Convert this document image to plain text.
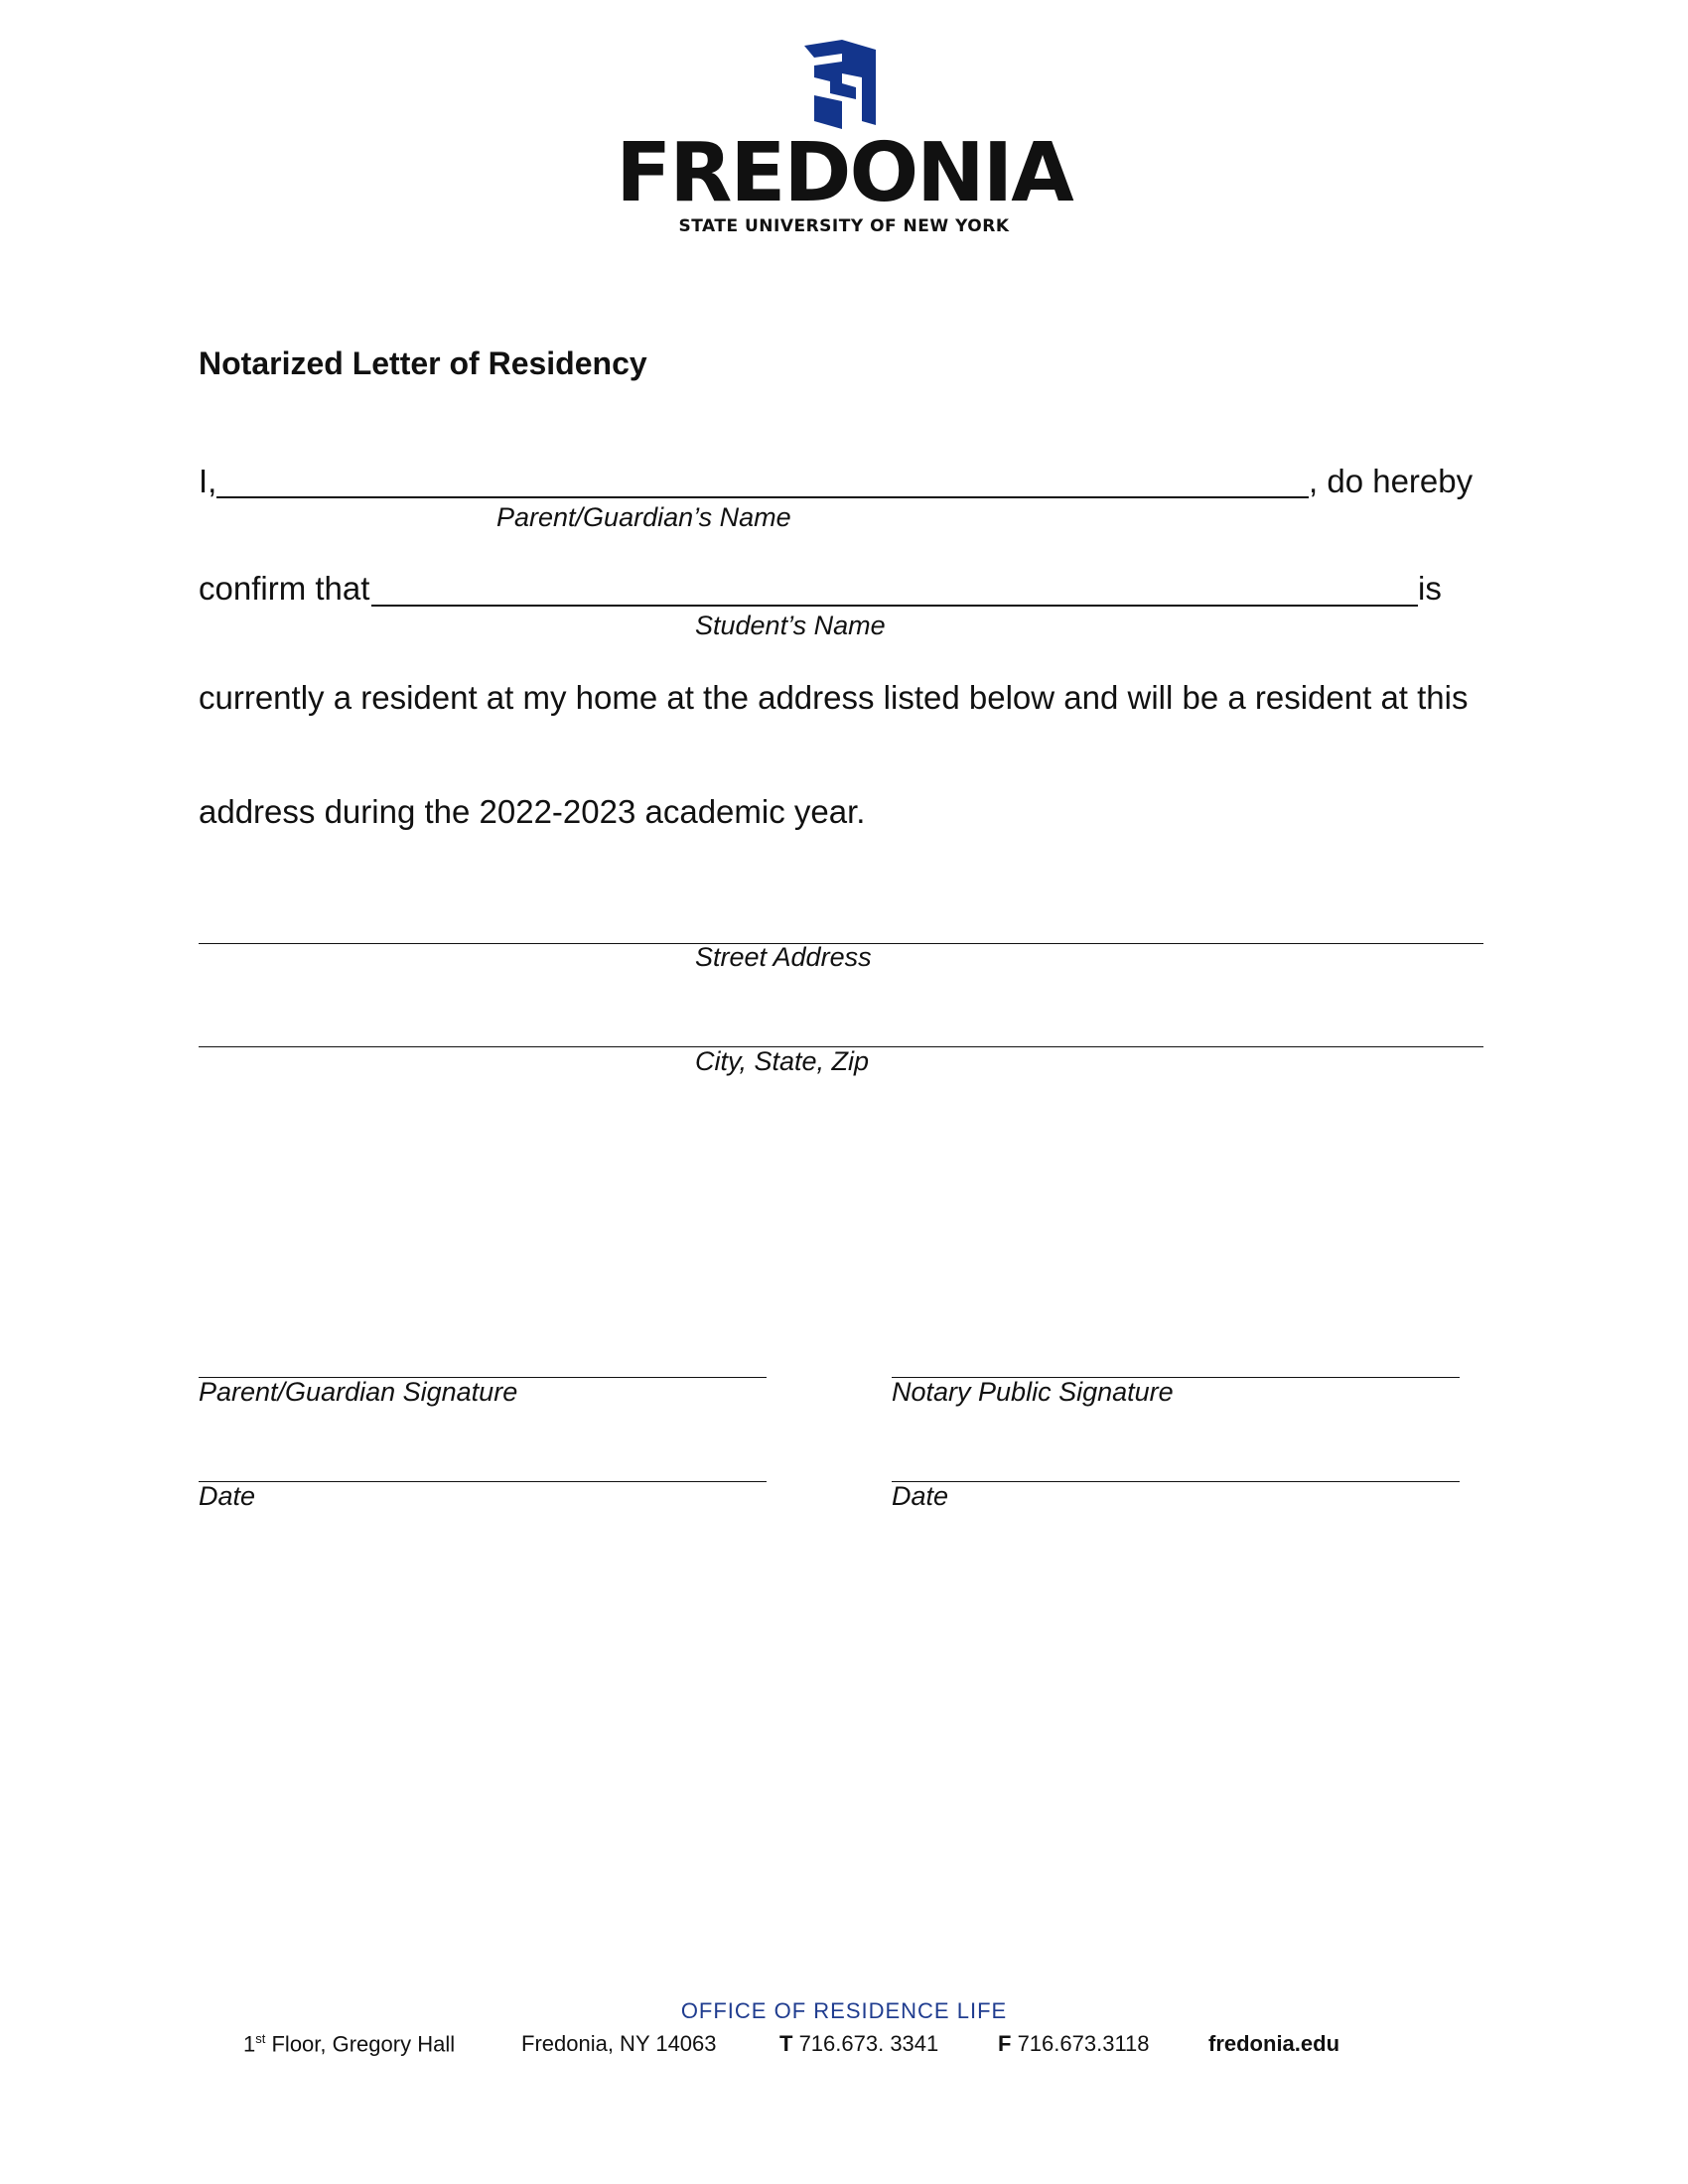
FREDONIA
STATE UNIVERSITY OF NEW YORK
Notarized Letter of Residency
I,	, do hereby
Parent/Guardian’s Name
confirm that	is
Student’s Name
currently a resident at my home at the address listed below and will be a resident at this
address during the 2022-2023 academic year.
Street Address
City, State, Zip
Parent/Guardian Signature	Notary Public Signature
Date	Date
OFFICE OF RESIDENCE LIFE
1st Floor, Gregory Hall	Fredonia, NY 14063	T 716.673. 3341	F 716.673.3118	fredonia.edu
